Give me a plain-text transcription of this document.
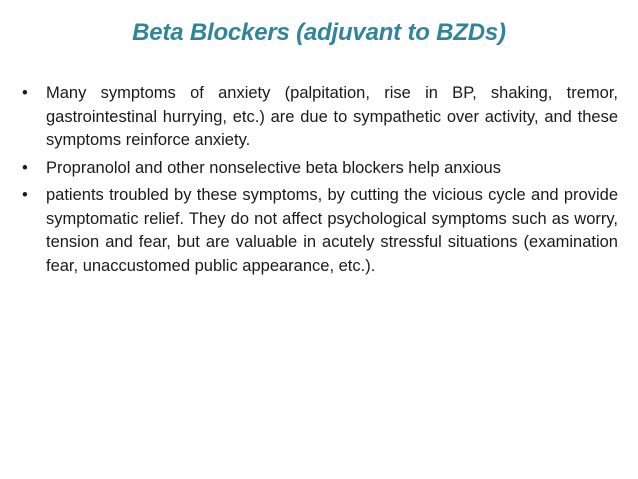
Beta Blockers (adjuvant to BZDs)
• Many symptoms of anxiety (palpitation, rise in BP, shaking, tremor, gastrointestinal hurrying, etc.) are due to sympathetic over activity, and these symptoms reinforce anxiety.
• Propranolol and other nonselective beta blockers help anxious
• patients troubled by these symptoms, by cutting the vicious cycle and provide symptomatic relief. They do not affect psychological symptoms such as worry, tension and fear, but are valuable in acutely stressful situations (examination fear, unaccustomed public appearance, etc.).
